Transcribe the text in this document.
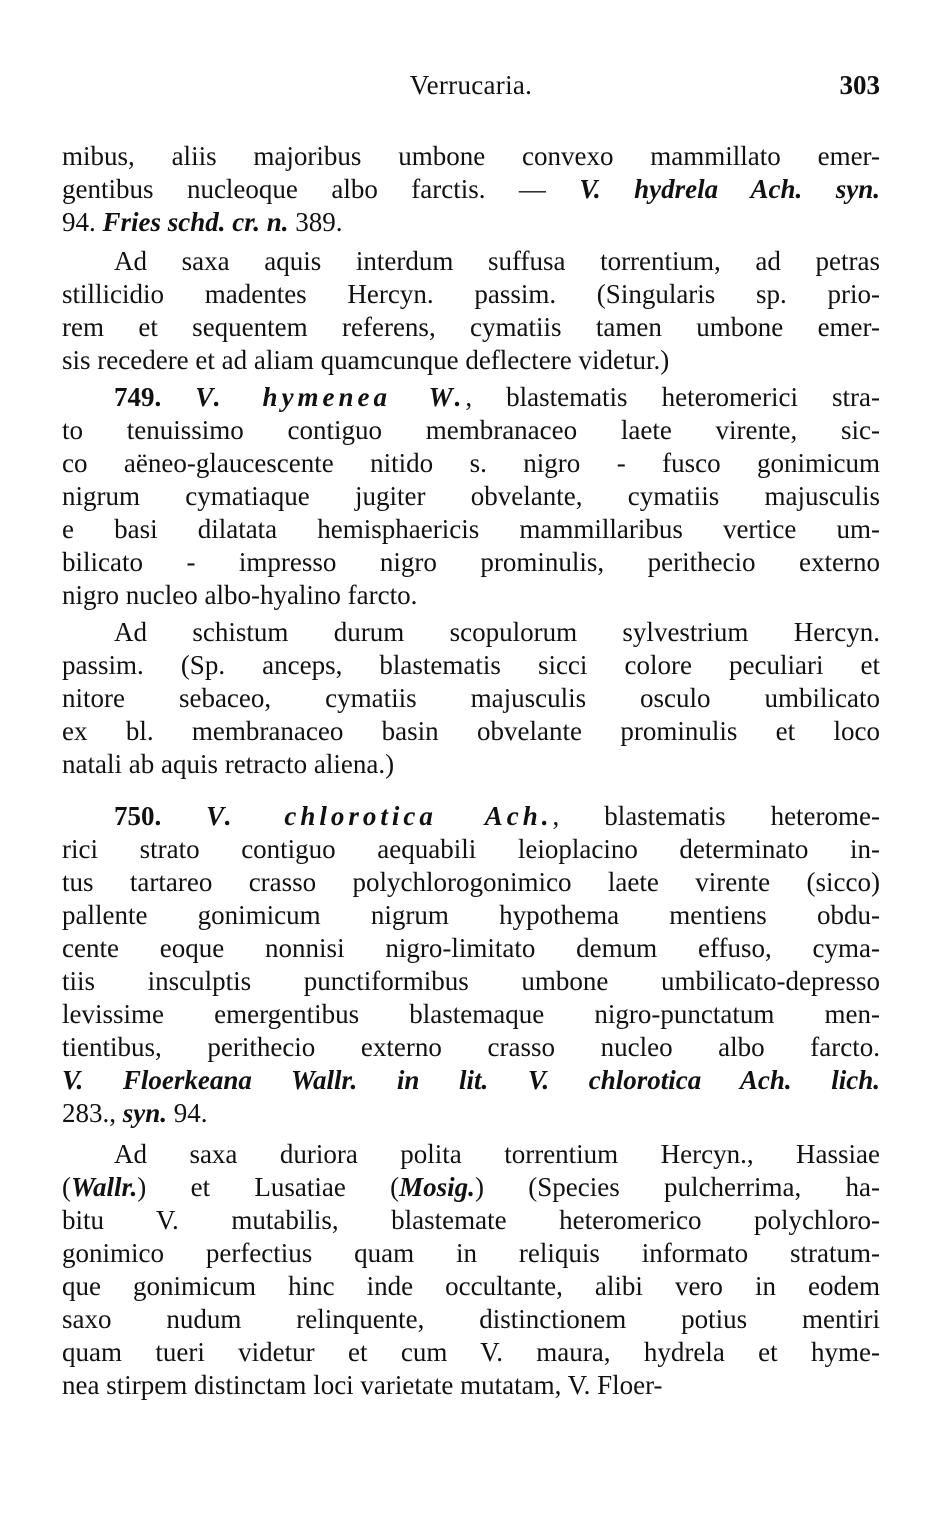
Verrucaria.	303
mibus, aliis majoribus umbone convexo mammillato emer-
gentibus nucleoque albo farctis. — V. hydrela Ach. syn.
94. Fries schd. cr. n. 389.
Ad saxa aquis interdum suffusa torrentium, ad petras
stillicidio madentes Hercyn. passim. (Singularis sp. prio-
rem et sequentem referens, cymatiis tamen umbone emer-
sis recedere et ad aliam quamcunque deflectere videtur.)
749. V. hymenea W., blastematis heteromerici stra-
to tenuissimo contiguo membranaceo laete virente, sic-
co aëneo-glaucescente nitido s. nigro - fusco gonimicum
nigrum cymatiaque jugiter obvelante, cymatiis majusculis
e basi dilatata hemisphaericis mammillaribus vertice um-
bilicato - impresso nigro prominulis, perithecio externo
nigro nucleo albo-hyalino farcto.
Ad schistum durum scopulorum sylvestrium Hercyn.
passim. (Sp. anceps, blastematis sicci colore peculiari et
nitore sebaceo, cymatiis majusculis osculo umbilicato
ex bl. membranaceo basin obvelante prominulis et loco
natali ab aquis retracto aliena.)
750. V. chlorotica Ach., blastematis heterome-
rici strato contiguo aequabili leioplacino determinato in-
tus tartareo crasso polychlorogonimico laete virente (sicco)
pallente gonimicum nigrum hypothema mentiens obdu-
cente eoque nonnisi nigro-limitato demum effuso, cyma-
tiis insculptis punctiformibus umbone umbilicato-depresso
levissime emergentibus blastemaque nigro-punctatum men-
tientibus, perithecio externo crasso nucleo albo farcto.
V. Floerkeana Wallr. in lit. V. chlorotica Ach. lich.
283., syn. 94.
Ad saxa duriora polita torrentium Hercyn., Hassiae
(Wallr.) et Lusatiae (Mosig.) (Species pulcherrima, ha-
bitu V. mutabilis, blastemate heteromerico polychloro-
gonimico perfectius quam in reliquis informato stratum-
que gonimicum hinc inde occultante, alibi vero in eodem
saxo nudum relinquente, distinctionem potius mentiri
quam tueri videtur et cum V. maura, hydrela et hyme-
nea stirpem distinctam loci varietate mutatam, V. Floer-
